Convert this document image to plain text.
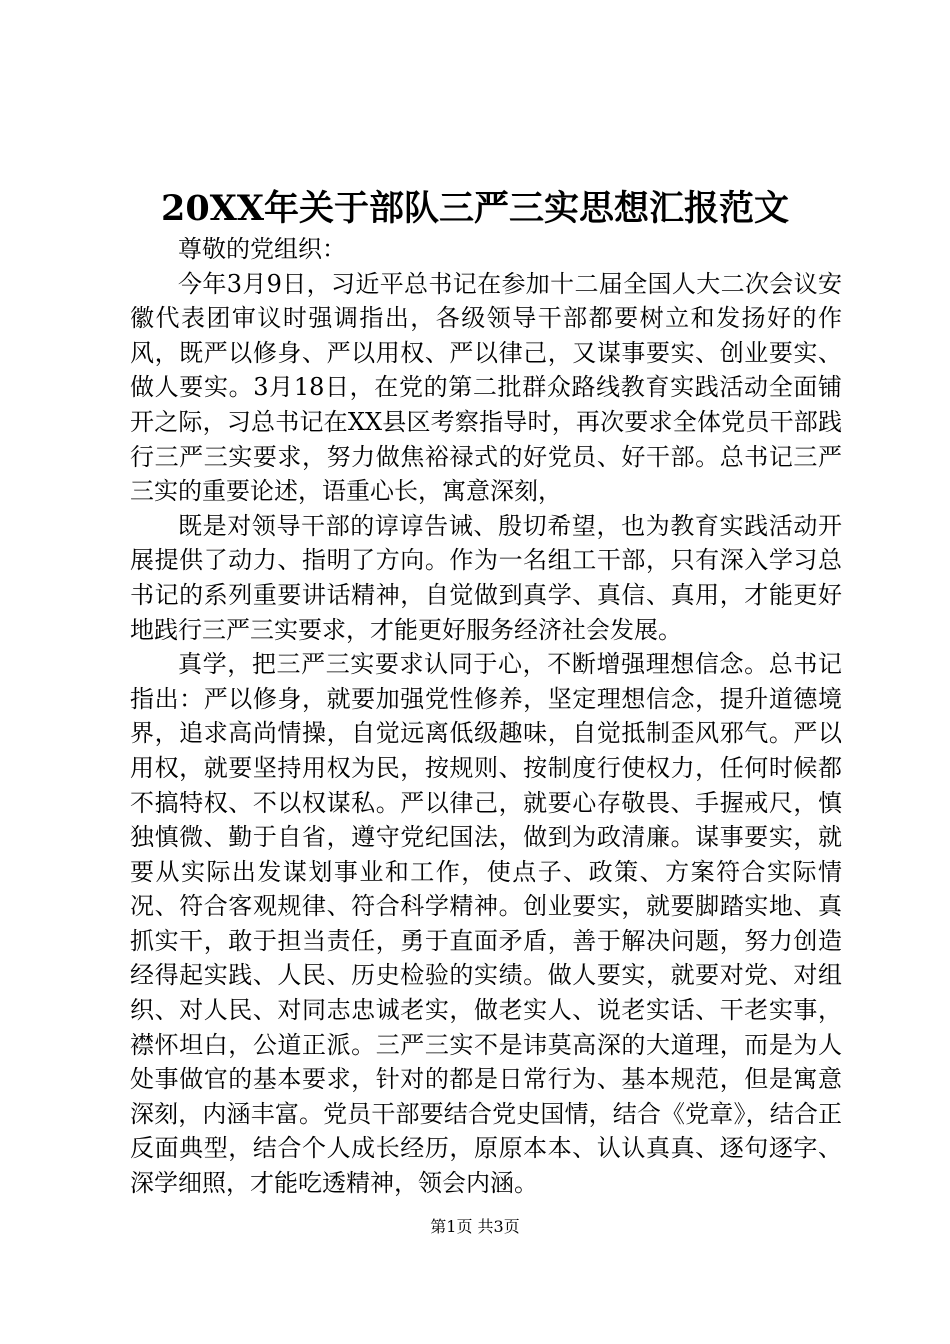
20XX年关于部队三严三实思想汇报范文

尊敬的党组织：

今年3月9日，习近平总书记在参加十二届全国人大二次会议安徽代表团审议时强调指出，各级领导干部都要树立和发扬好的作风，既严以修身、严以用权、严以律己，又谋事要实、创业要实、做人要实。3月18日，在党的第二批群众路线教育实践活动全面铺开之际，习总书记在XX县区考察指导时，再次要求全体党员干部践行三严三实要求，努力做焦裕禄式的好党员、好干部。总书记三严三实的重要论述，语重心长，寓意深刻，

既是对领导干部的谆谆告诫、殷切希望，也为教育实践活动开展提供了动力、指明了方向。作为一名组工干部，只有深入学习总书记的系列重要讲话精神，自觉做到真学、真信、真用，才能更好地践行三严三实要求，才能更好服务经济社会发展。

真学，把三严三实要求认同于心，不断增强理想信念。总书记指出：严以修身，就要加强党性修养，坚定理想信念，提升道德境界，追求高尚情操，自觉远离低级趣味，自觉抵制歪风邪气。严以用权，就要坚持用权为民，按规则、按制度行使权力，任何时候都不搞特权、不以权谋私。严以律己，就要心存敬畏、手握戒尺，慎独慎微、勤于自省，遵守党纪国法，做到为政清廉。谋事要实，就要从实际出发谋划事业和工作，使点子、政策、方案符合实际情况、符合客观规律、符合科学精神。创业要实，就要脚踏实地、真抓实干，敢于担当责任，勇于直面矛盾，善于解决问题，努力创造经得起实践、人民、历史检验的实绩。做人要实，就要对党、对组织、对人民、对同志忠诚老实，做老实人、说老实话、干老实事，襟怀坦白，公道正派。三严三实不是讳莫高深的大道理，而是为人处事做官的基本要求，针对的都是日常行为、基本规范，但是寓意深刻，内涵丰富。党员干部要结合党史国情，结合《党章》，结合正反面典型，结合个人成长经历，原原本本、认认真真、逐句逐字、深学细照，才能吃透精神，领会内涵。

第1页 共3页
